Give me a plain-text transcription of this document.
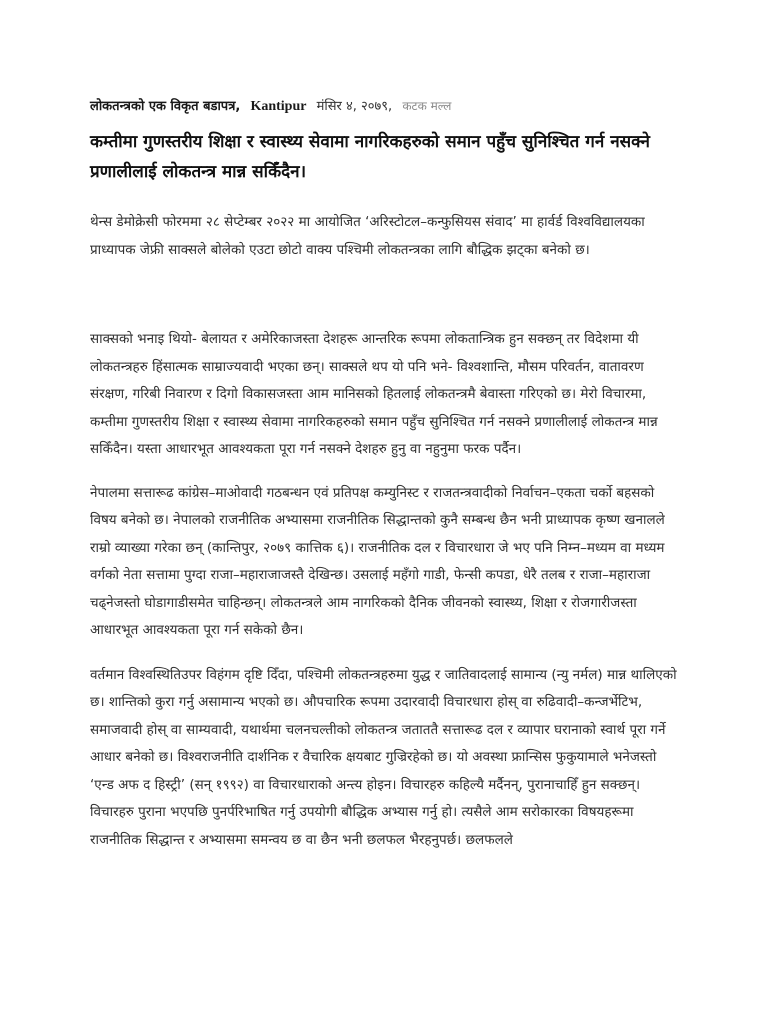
लोकतन्त्रको एक विकृत बडापत्र, Kantipur मंसिर ४, २०७९, कटक मल्ल
कम्तीमा गुणस्तरीय शिक्षा र स्वास्थ्य सेवामा नागरिकहरुको समान पहुँच सुनिश्चित गर्न नसक्ने प्रणालीलाई लोकतन्त्र मान्न सकिँदैन।

थेन्स डेमोक्रेसी फोरममा २८ सेप्टेम्बर २०२२ मा आयोजित ‘अरिस्टोटल–कन्फुसियस संवाद’ मा हार्वर्ड विश्वविद्यालयका प्राध्यापक जेफ्री साक्सले बोलेको एउटा छोटो वाक्य पश्चिमी लोकतन्त्रका लागि बौद्धिक झट्का बनेको छ।

साक्सको भनाइ थियो- बेलायत र अमेरिकाजस्ता देशहरू आन्तरिक रूपमा लोकतान्त्रिक हुन सक्छन् तर विदेशमा यी लोकतन्त्रहरु हिंसात्मक साम्राज्यवादी भएका छन्। साक्सले थप यो पनि भने- विश्वशान्ति, मौसम परिवर्तन, वातावरण संरक्षण, गरिबी निवारण र दिगो विकासजस्ता आम मानिसको हितलाई लोकतन्त्रमै बेवास्ता गरिएको छ। मेरो विचारमा, कम्तीमा गुणस्तरीय शिक्षा र स्वास्थ्य सेवामा नागरिकहरुको समान पहुँच सुनिश्चित गर्न नसक्ने प्रणालीलाई लोकतन्त्र मान्न सकिँदैन। यस्ता आधारभूत आवश्यकता पूरा गर्न नसक्ने देशहरु हुनु वा नहुनुमा फरक पर्दैन।

नेपालमा सत्तारूढ कांग्रेस–माओवादी गठबन्धन एवं प्रतिपक्ष कम्युनिस्ट र राजतन्त्रवादीको निर्वाचन–एकता चर्को बहसको विषय बनेको छ। नेपालको राजनीतिक अभ्यासमा राजनीतिक सिद्धान्तको कुनै सम्बन्ध छैन भनी प्राध्यापक कृष्ण खनालले राम्रो व्याख्या गरेका छन् (कान्तिपुर, २०७९ कात्तिक ६)। राजनीतिक दल र विचारधारा जे भए पनि निम्न–मध्यम वा मध्यम वर्गको नेता सत्तामा पुग्दा राजा–महाराजाजस्तै देखिन्छ। उसलाई महँगो गाडी, फेन्सी कपडा, धेरै तलब र राजा–महाराजा चढ्नेजस्तो घोडागाडीसमेत चाहिन्छन्। लोकतन्त्रले आम नागरिकको दैनिक जीवनको स्वास्थ्य, शिक्षा र रोजगारीजस्ता आधारभूत आवश्यकता पूरा गर्न सकेको छैन।

वर्तमान विश्वस्थितिउपर विहंगम दृष्टि दिँदा, पश्चिमी लोकतन्त्रहरुमा युद्ध र जातिवादलाई सामान्य (न्यु नर्मल) मान्न थालिएको छ। शान्तिको कुरा गर्नु असामान्य भएको छ। औपचारिक रूपमा उदारवादी विचारधारा होस् वा रुढिवादी–कन्जर्भेटिभ, समाजवादी होस् वा साम्यवादी, यथार्थमा चलनचल्तीको लोकतन्त्र जताततै सत्तारूढ दल र व्यापार घरानाको स्वार्थ पूरा गर्ने आधार बनेको छ। विश्वराजनीति दार्शनिक र वैचारिक क्षयबाट गुज्रिरहेको छ। यो अवस्था फ्रान्सिस फुकुयामाले भनेजस्तो ‘एन्ड अफ द हिस्ट्री’ (सन् १९९२) वा विचारधाराको अन्त्य होइन। विचारहरु कहिल्यै मर्दैनन्, पुरानाचाहिँ हुन सक्छन्। विचारहरु पुराना भएपछि पुनर्परिभाषित गर्नु उपयोगी बौद्धिक अभ्यास गर्नु हो। त्यसैले आम सरोकारका विषयहरूमा राजनीतिक सिद्धान्त र अभ्यासमा समन्वय छ वा छैन भनी छलफल भैरहनुपर्छ। छलफलले
